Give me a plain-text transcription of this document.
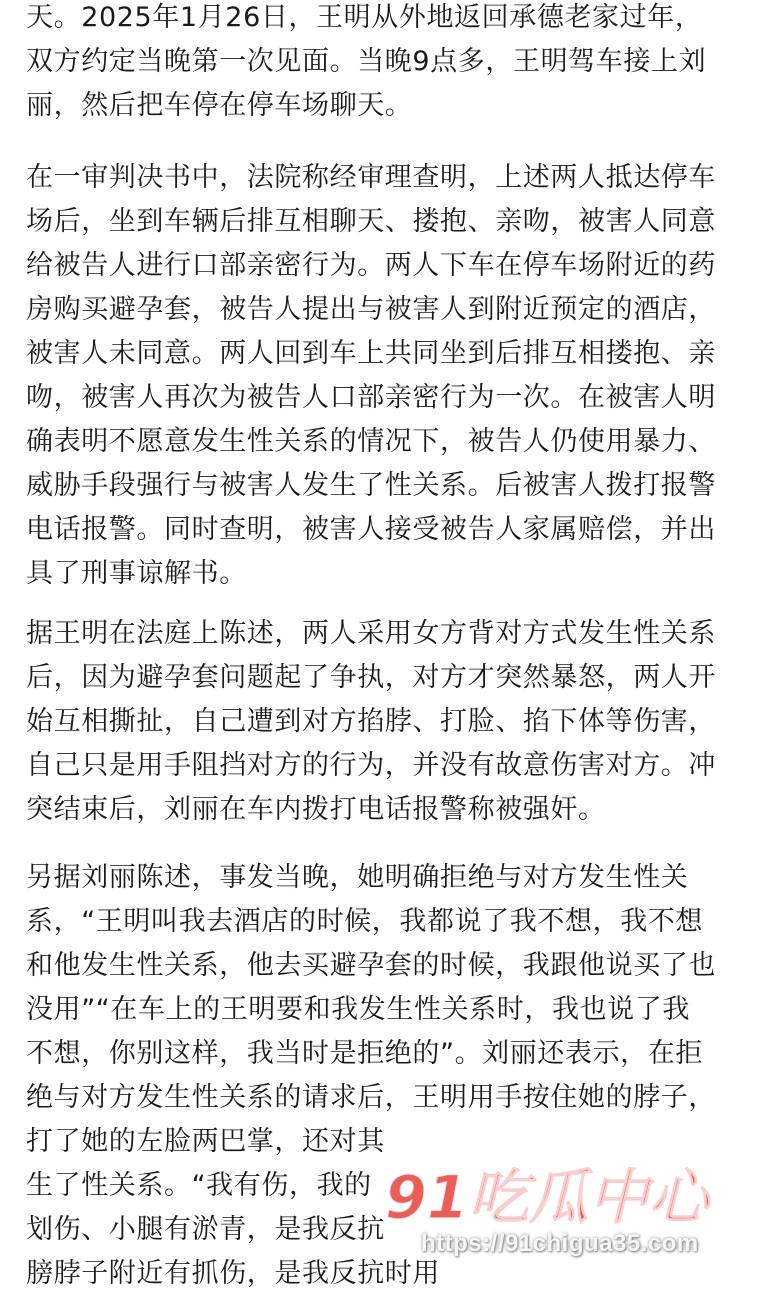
天。2025年1月26日，王明从外地返回承德老家过年，
双方约定当晚第一次见面。当晚9点多，王明驾车接上刘
丽，然后把车停在停车场聊天。
在一审判决书中，法院称经审理查明，上述两人抵达停车
场后，坐到车辆后排互相聊天、搂抱、亲吻，被害人同意
给被告人进行口部亲密行为。两人下车在停车场附近的药
房购买避孕套，被告人提出与被害人到附近预定的酒店，
被害人未同意。两人回到车上共同坐到后排互相搂抱、亲
吻，被害人再次为被告人口部亲密行为一次。在被害人明
确表明不愿意发生性关系的情况下，被告人仍使用暴力、
威胁手段强行与被害人发生了性关系。后被害人拨打报警
电话报警。同时查明，被害人接受被告人家属赔偿，并出
具了刑事谅解书。
据王明在法庭上陈述，两人采用女方背对方式发生性关系
后，因为避孕套问题起了争执，对方才突然暴怒，两人开
始互相撕扯，自己遭到对方掐脖、打脸、掐下体等伤害，
自己只是用手阻挡对方的行为，并没有故意伤害对方。冲
突结束后，刘丽在车内拨打电话报警称被强奸。
另据刘丽陈述，事发当晚，她明确拒绝与对方发生性关
系，“王明叫我去酒店的时候，我都说了我不想，我不想
和他发生性关系，他去买避孕套的时候，我跟他说买了也
没用”“在车上的王明要和我发生性关系时，我也说了我
不想，你别这样，我当时是拒绝的”。刘丽还表示，在拒
绝与对方发生性关系的请求后，王明用手按住她的脖子，
打了她的左脸两巴掌，还对其
生了性关系。“我有伤，我的
划伤、小腿有淤青，是我反抗
膀脖子附近有抓伤，是我反抗时用
91吃瓜中心
https://91chigua35.com
